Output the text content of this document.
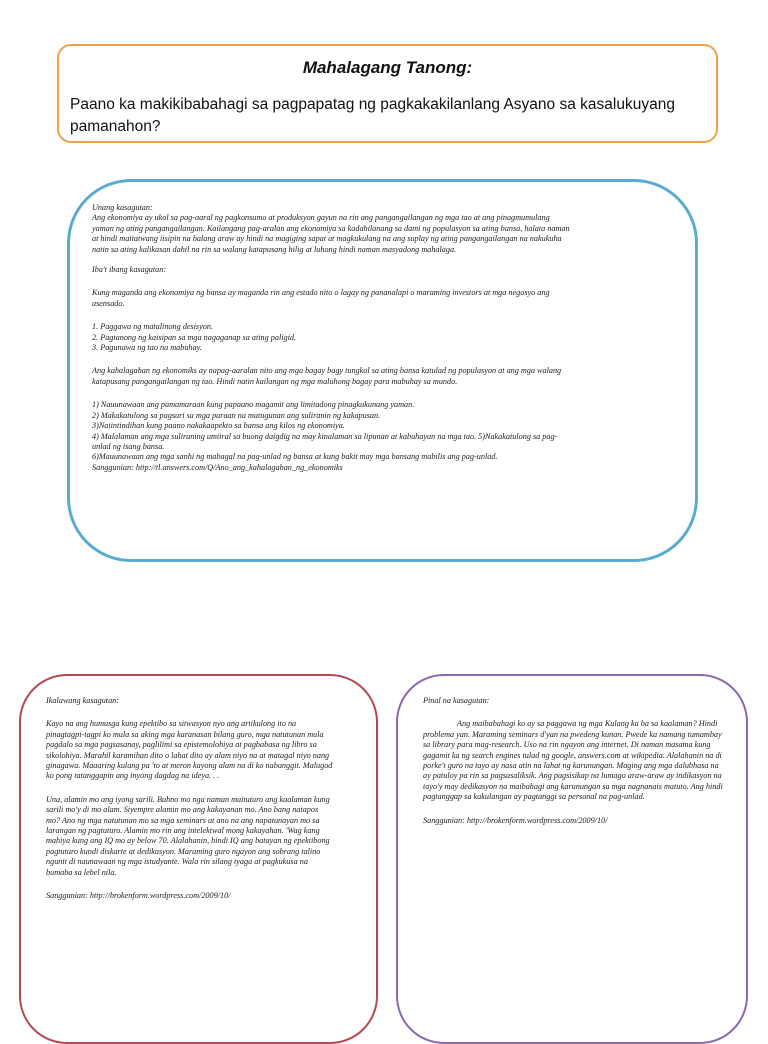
Mahalagang Tanong:
Paano ka makikibabahagi sa pagpapatag ng pagkakakilanlang Asyano sa kasalukuyang pamanahon?

Unang kasagutan:

Ang ekonomiya ay ukol sa pag-aaral ng pagkonsumo at produksyon gayun na rin ang pangangailangan ng mga tao at ang pinagmumulang yaman ng ating pangangailangan. Kailangang pag-aralan ang ekonomiya sa kadahilanang sa dami ng populasyon sa ating bansa, halata naman at hindi maitatwang iisipin na balang araw ay hindi na magiging sapat at magkukulang na ang suplay ng ating pangangailangan na nakukuha natin sa ating kalikasan dahil na rin sa walang katapusang hilig at luhong hindi naman masyadong mahalaga.

Iba't ibang kasagutan:

Kung maganda ang ekonomiya ng bansa ay maganda rin ang estado nito o lagay ng pananalapi o maraming investors at mga negosyo ang asensado.

1. Paggawa ng matalinong desisyon.

2. Pagtanong ng kaisipan sa mga nagaganap sa ating paligid.

3. Pagunawa ng tao na mabuhay.

Ang kahalagahan ng ekonomiks ay napag-aaralan nito ang mga bagay bagy tungkol sa ating bansa katulad ng populasyon at ang mga walang katapusang pangangailangan ng tao. Hindi natin kailangan ng mga maluhong bagay para mabuhay sa mundo.

1) Nauunawaan ang pamamaraan kung papaano magamit ang limitadong pinagkukunang yaman.

2) Makakatulong sa pagsuri sa mga paraan na matugunan ang suliranin ng kakapusan.

3)Naiintindihan kung paano nakakaapekto sa bansa ang kilos ng ekonomiya.

4) Malalaman ang mga suliraning umiiral sa buong daigdig na may kinalaman sa lipunan at kabuhayan na mga tao. 5)Nakakatulong sa pag-unlad ng isang bansa.

6)Mauunawaan ang mga sanhi ng mabagal na pag-unlad ng bansa at kung bakit may mga bansang mabilis ang pag-unlad.

Sanggunian: http://tl.answers.com/Q/Ano_ang_kahalagahan_ng_ekonomiks

Ikalawang kasagutan:

Kayo na ang humusga kung epektibo sa sitwasyon nyo ang artikulong ito na pinagtagpi-tagpi ko mula sa aking mga karanasan bilang guro, mga natutunan mula pagdalo sa mga pagsasanay, paglilimi sa epistemolohiya at pagbabasa ng libro sa sikolohiya. Marahil karamihan dito o lahat dito ay alam niyo na at matagal niyo nang ginagawa. Maaaring kulang pa 'to at meron kayong alam na di ko nabanggit. Malugod ko pong tatanggapin ang inyong dagdag na ideya. . .

Una, alamin mo ang iyong sarili. Buhno mo nga naman maituturo ang kaalaman kung sarili mo'y di mo alam. Siyempre alamin mo ang kakayanan mo. Ano bang natapos mo? Ano ng mga natutunan mo sa mga seminars at ano na ang napatunayan mo sa larangan ng pagtuturo. Alamin mo rin ang intelektwal mong kakayahan. 'Wag kang mahiya kung ang IQ mo ay below 70. Alalahanin, hindi IQ ang batayan ng epektibong pagtuturo kundi diskarte at dedikasyon. Maraming guro ngayon ang sobrang talino ngunit di naunawaan ng mga istudyante. Wala rin silang tyaga at pagkukusa na bumaba sa lebel nila.

Sanggunian: http://brokenform.wordpress.com/2009/10/

Pinal na kasagutan:

Ang maibabahagi ko ay sa paggawa ng mga Kulang ka ba sa kaalaman? Hindi problema yan. Maraming seminars d'yan na pwedeng kunan. Pwede ka namang tumambay sa library para mag-research. Uso na rin ngayon ang internet. Di naman masama kung gagamit ka ng search engines tulad ng google, answers.com at wikipedia. Alalahanin na di porke't guro na tayo ay nasa atin na lahat ng karunungan. Maging ang mga dalubhasa na ay patuloy pa rin sa pagsasaliksik. Ang pagsisikap na lumago araw-araw ay indikasyon na tayo'y may dedikasyon na maibahagi ang karunungan sa mga nagnanais matuto. Ang hindi pagtanggap sa kakulangan ay pagtanggi sa personal na pag-unlad.

Sanggunian: http://brokenform.wordpress.com/2009/10/
